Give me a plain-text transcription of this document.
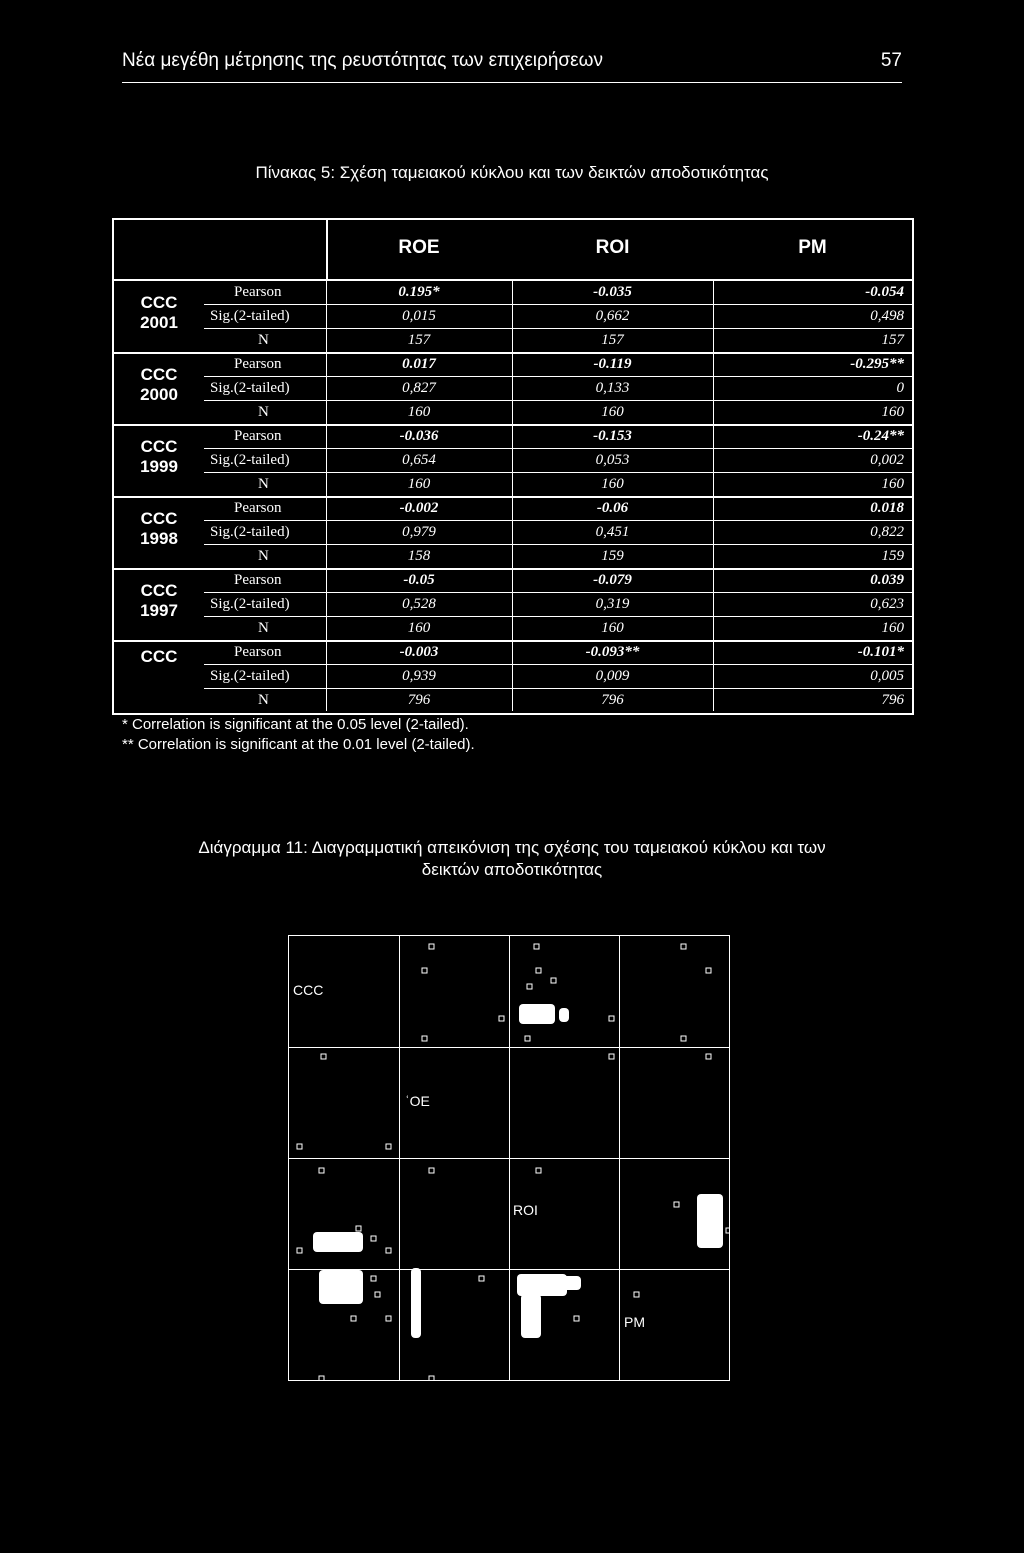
Νέα μεγέθη μέτρησης της ρευστότητας των επιχειρήσεων	57
Πίνακας 5: Σχέση ταμειακού κύκλου και των δεικτών αποδοτικότητας
ROE	ROI	PM
CCC
2001
Pearson	0.195*	-0.035	-0.054
Sig.(2-tailed)	0,015	0,662	0,498
N	157	157	157
CCC
2000
Pearson	0.017	-0.119	-0.295**
Sig.(2-tailed)	0,827	0,133	0
N	160	160	160
CCC
1999
Pearson	-0.036	-0.153	-0.24**
Sig.(2-tailed)	0,654	0,053	0,002
N	160	160	160
CCC
1998
Pearson	-0.002	-0.06	0.018
Sig.(2-tailed)	0,979	0,451	0,822
N	158	159	159
CCC
1997
Pearson	-0.05	-0.079	0.039
Sig.(2-tailed)	0,528	0,319	0,623
N	160	160	160
CCC	Pearson	-0.003	-0.093**	-0.101*
Sig.(2-tailed)	0,939	0,009	0,005
N	796	796	796
* Correlation is significant at the 0.05 level (2-tailed).
** Correlation is significant at the 0.01 level (2-tailed).
Διάγραμμα 11: Διαγραμματική απεικόνιση της σχέσης του ταμειακού κύκλου και των
δεικτών αποδοτικότητας
CCC
ʿOE
ROI
PM
